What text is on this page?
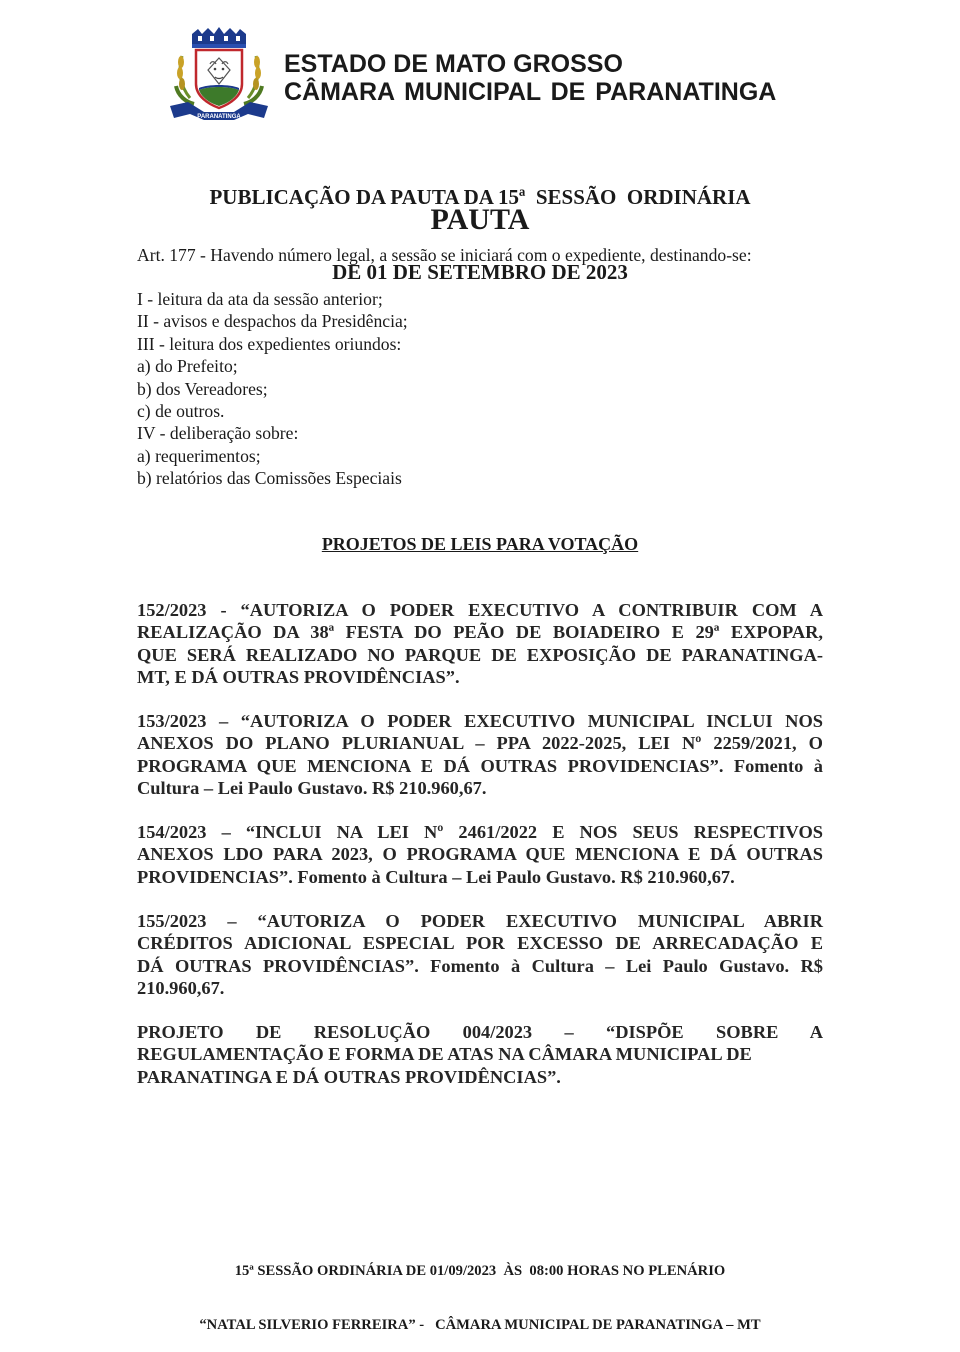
PARANATINGA
ESTADO DE MATO GROSSO
CÂMARA MUNICIPAL DE PARANATINGA

PUBLICAÇÃO DA PAUTA DA 15ª  SESSÃO  ORDINÁRIA

DE 01 DE SETEMBRO DE 2023

PAUTA
Art. 177 - Havendo número legal, a sessão se iniciará com o expediente, destinando-se:
I - leitura da ata da sessão anterior;
II - avisos e despachos da Presidência;
III - leitura dos expedientes oriundos:
a) do Prefeito;
b) dos Vereadores;
c) de outros.
IV - deliberação sobre:
a) requerimentos;
b) relatórios das Comissões Especiais
PROJETOS DE LEIS PARA VOTAÇÃO
152/2023 - “AUTORIZA O PODER EXECUTIVO A CONTRIBUIR COM A
REALIZAÇÃO DA 38ª FESTA DO PEÃO DE BOIADEIRO E 29ª EXPOPAR,
QUE SERÁ REALIZADO NO PARQUE DE EXPOSIÇÃO DE PARANATINGA-
MT, E DÁ OUTRAS PROVIDÊNCIAS”.
153/2023 – “AUTORIZA O PODER EXECUTIVO MUNICIPAL INCLUI NOS
ANEXOS DO PLANO PLURIANUAL – PPA 2022-2025, LEI Nº 2259/2021, O
PROGRAMA QUE MENCIONA E DÁ OUTRAS PROVIDENCIAS”. Fomento à
Cultura – Lei Paulo Gustavo. R$ 210.960,67.
154/2023 – “INCLUI NA LEI Nº 2461/2022 E NOS SEUS RESPECTIVOS
ANEXOS LDO PARA 2023, O PROGRAMA QUE MENCIONA E DÁ OUTRAS
PROVIDENCIAS”. Fomento à Cultura – Lei Paulo Gustavo. R$ 210.960,67.
155/2023 – “AUTORIZA O PODER EXECUTIVO MUNICIPAL ABRIR
CRÉDITOS ADICIONAL ESPECIAL POR EXCESSO DE ARRECADAÇÃO E
DÁ OUTRAS PROVIDÊNCIAS”. Fomento à Cultura – Lei Paulo Gustavo. R$
210.960,67.
PROJETO DE RESOLUÇÃO 004/2023 – “DISPÕE SOBRE A
REGULAMENTAÇÃO E FORMA DE ATAS NA CÂMARA MUNICIPAL DE
PARANATINGA E DÁ OUTRAS PROVIDÊNCIAS”.

15ª SESSÃO ORDINÁRIA DE 01/09/2023  ÀS  08:00 HORAS NO PLENÁRIO

“NATAL SILVERIO FERREIRA” -   CÂMARA MUNICIPAL DE PARANATINGA – MT
